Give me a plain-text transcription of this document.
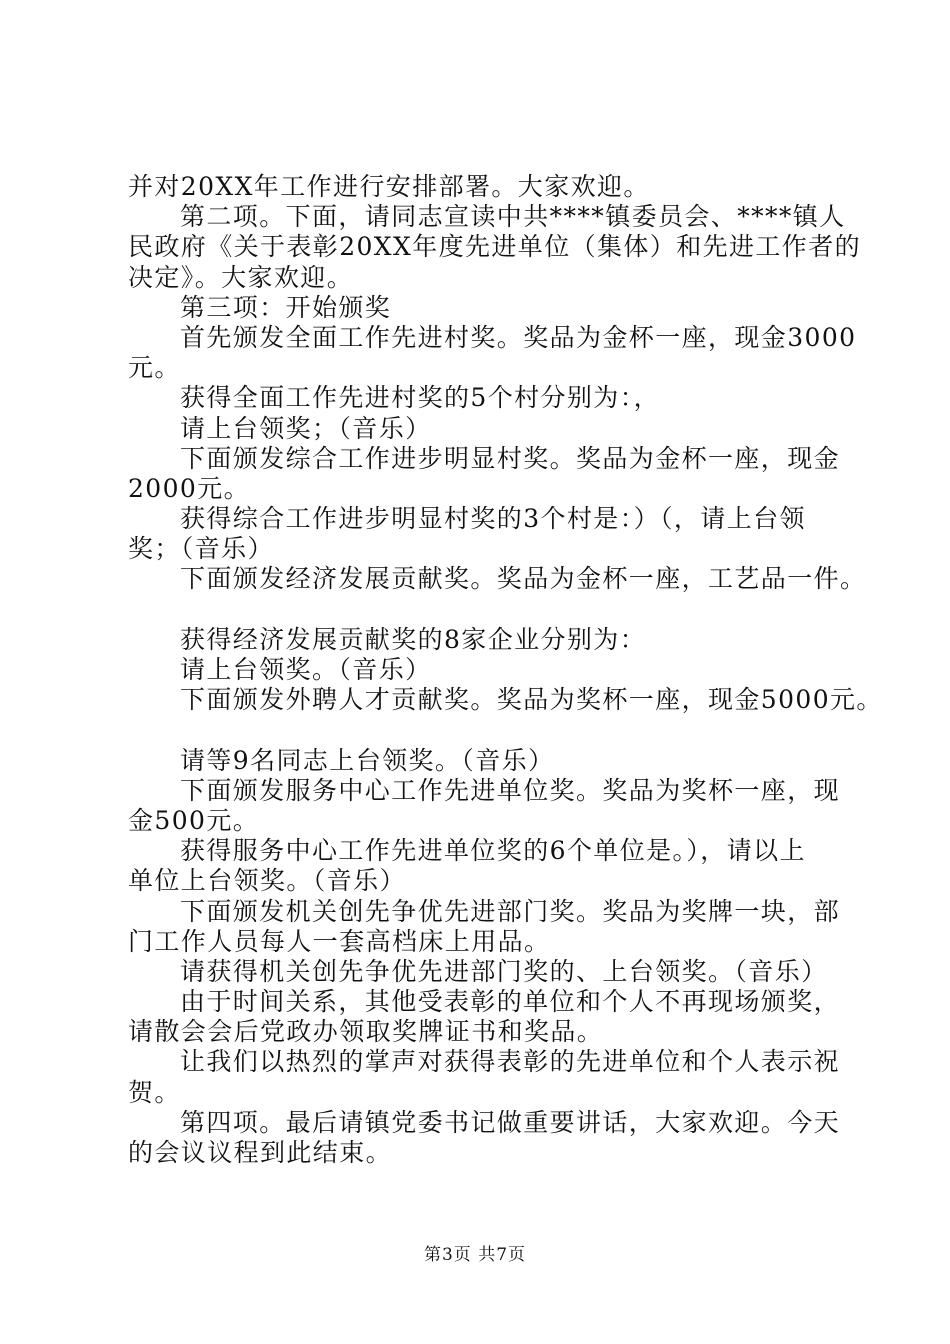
并对20XX年工作进行安排部署。大家欢迎。
第二项。下面，请同志宣读中共****镇委员会、****镇人
民政府《关于表彰20XX年度先进单位（集体）和先进工作者的
决定》。大家欢迎。
第三项：开始颁奖
首先颁发全面工作先进村奖。奖品为金杯一座，现金3000
元。
获得全面工作先进村奖的5个村分别为：，
请上台领奖；（音乐）
下面颁发综合工作进步明显村奖。奖品为金杯一座，现金
2000元。
获得综合工作进步明显村奖的3个村是：）（，请上台领
奖；（音乐）
下面颁发经济发展贡献奖。奖品为金杯一座，工艺品一件。
获得经济发展贡献奖的8家企业分别为：
请上台领奖。（音乐）
下面颁发外聘人才贡献奖。奖品为奖杯一座，现金5000元。
请等9名同志上台领奖。（音乐）
下面颁发服务中心工作先进单位奖。奖品为奖杯一座，现
金500元。
获得服务中心工作先进单位奖的6个单位是。），请以上
单位上台领奖。（音乐）
下面颁发机关创先争优先进部门奖。奖品为奖牌一块，部
门工作人员每人一套高档床上用品。
请获得机关创先争优先进部门奖的、上台领奖。（音乐）
由于时间关系，其他受表彰的单位和个人不再现场颁奖，
请散会会后党政办领取奖牌证书和奖品。
让我们以热烈的掌声对获得表彰的先进单位和个人表示祝
贺。
第四项。最后请镇党委书记做重要讲话，大家欢迎。今天
的会议议程到此结束。
第3页 共7页
